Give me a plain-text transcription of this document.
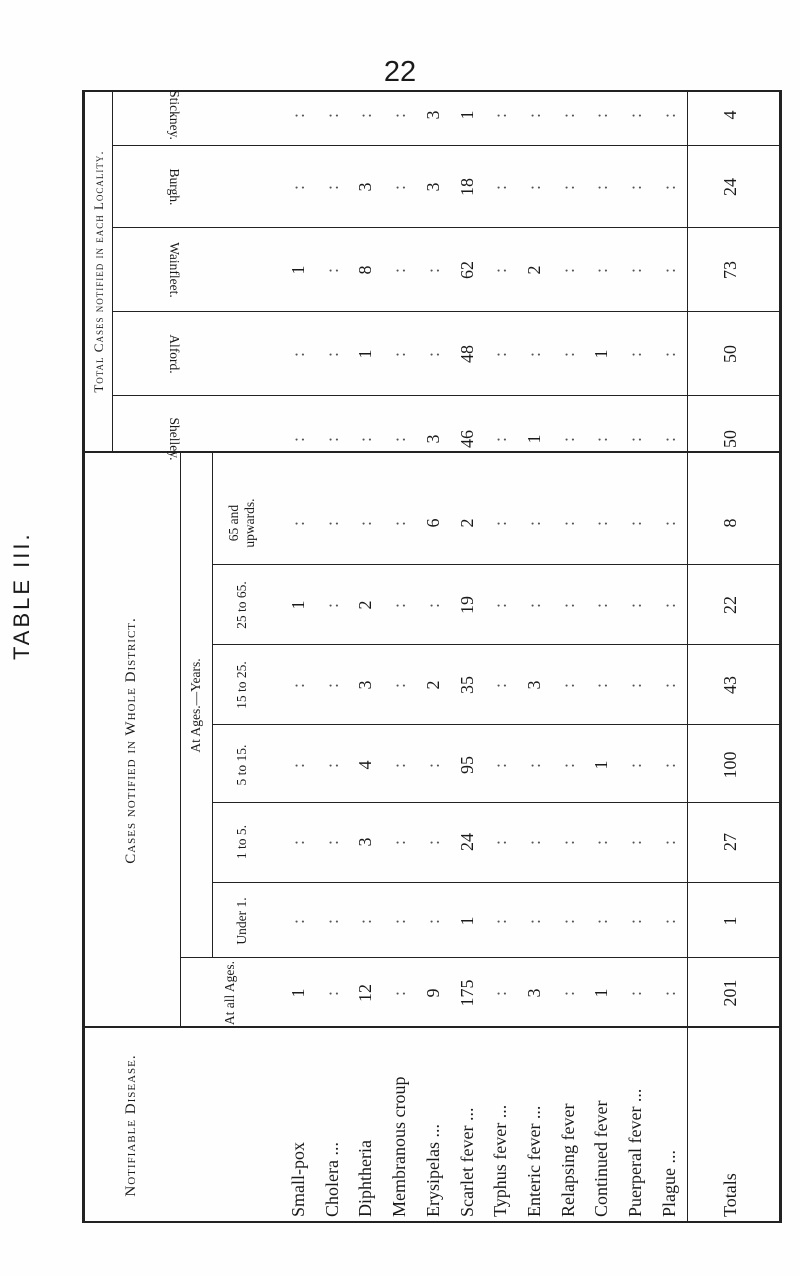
22
TABLE III.
Notifiable Disease.
Cases notified in Whole District.
At all Ages.
At Ages.—Years.
Under 1.
1 to 5.
5 to 15.
15 to 25.
25 to 65.
65 and upwards.
Total Cases notified in each Locality.
Shelley.
Alford.
Wainfleet.
Burgh.
Stickney.
Small-pox
1
:
:
:
:
1
:
:
:
1
:
:
Cholera ...
:
:
:
:
:
:
:
:
:
:
:
:
Diphtheria
12
:
3
4
3
2
:
:
1
8
3
:
Membranous croup
:
:
:
:
:
:
:
:
:
:
:
:
Erysipelas ...
9
:
:
:
2
:
6
3
:
:
3
3
Scarlet fever ...
175
1
24
95
35
19
2
46
48
62
18
1
Typhus fever ...
:
:
:
:
:
:
:
:
:
:
:
:
Enteric fever ...
3
:
:
:
3
:
:
1
:
2
:
:
Relapsing fever
:
:
:
:
:
:
:
:
:
:
:
:
Continued fever
1
:
:
1
:
:
:
:
1
:
:
:
Puerperal fever ...
:
:
:
:
:
:
:
:
:
:
:
:
Plague ...
:
:
:
:
:
:
:
:
:
:
:
:
Totals
201
1
27
100
43
22
8
50
50
73
24
4
